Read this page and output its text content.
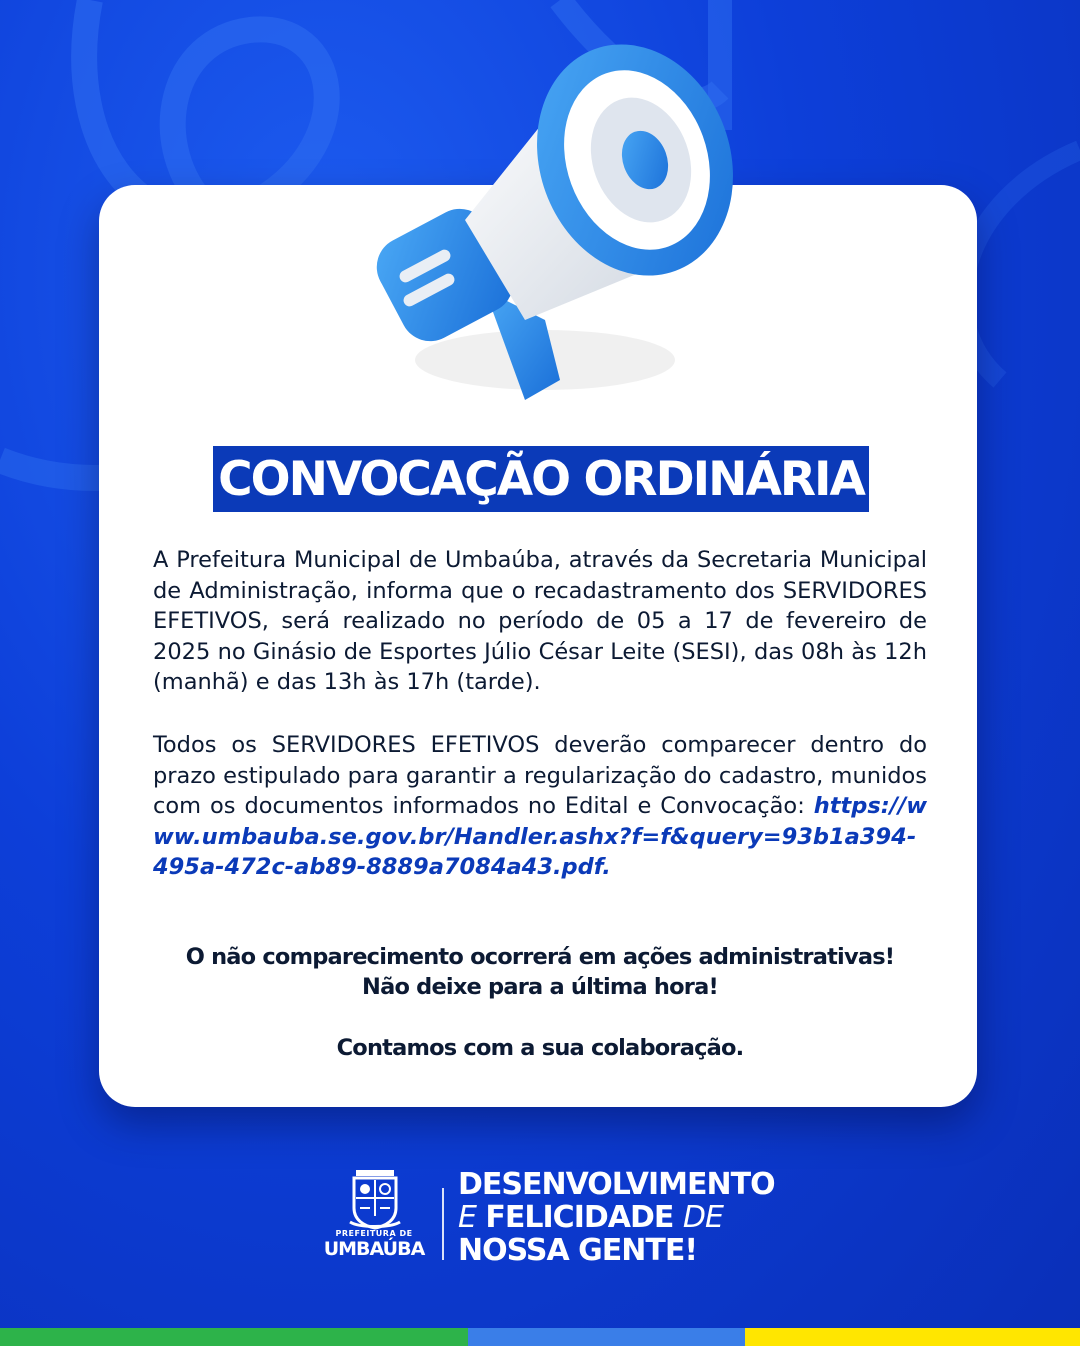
CONVOCAÇÃO ORDINÁRIA

A Prefeitura Municipal de Umbaúba, através da Secretaria Municipal de Administração, informa que o recadastramento dos SERVIDORES EFETIVOS, será realizado no período de 05 a 17 de fevereiro de 2025 no Ginásio de Esportes Júlio César Leite (SESI), das 08h às 12h (manhã) e das 13h às 17h (tarde).

Todos os SERVIDORES EFETIVOS deverão comparecer dentro do prazo estipulado para garantir a regularização do cadastro, munidos com os documentos informados no Edital e Convocação: https://www.umbauba.se.gov.br/Handler.ashx?f=f&query=93b1a394-495a-472c-ab89-8889a7084a43.pdf.

O não comparecimento ocorrerá em ações administrativas!
Não deixe para a última hora!

Contamos com a sua colaboração.

PREFEITURA DE
UMBAÚBA
DESENVOLVIMENTO
E FELICIDADE DE
NOSSA GENTE!
